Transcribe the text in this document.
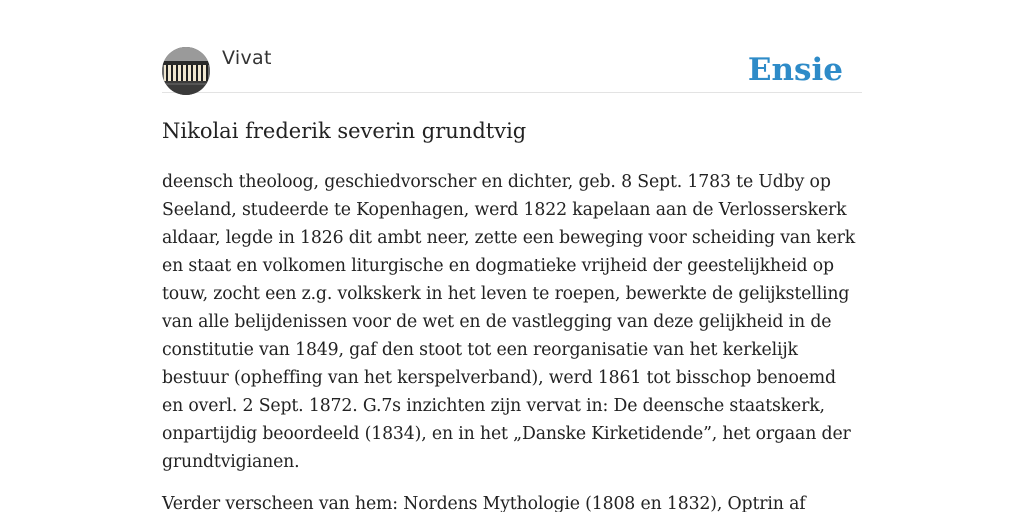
Vivat	Ensie
Nikolai frederik severin grundtvig

deensch theoloog, geschiedvorscher en dichter, geb. 8 Sept. 1783 te Udby op Seeland, studeerde te Kopenhagen, werd 1822 kapelaan aan de Verlosserskerk aldaar, legde in 1826 dit ambt neer, zette een beweging voor scheiding van kerk en staat en volkomen liturgische en dogmatieke vrijheid der geestelijkheid op touw, zocht een z.g. volkskerk in het leven te roepen, bewerkte de gelijkstelling van alle belijdenissen voor de wet en de vastlegging van deze gelijkheid in de constitutie van 1849, gaf den stoot tot een reorganisatie van het kerkelijk bestuur (opheffing van het kerspelverband), werd 1861 tot bisschop benoemd en overl. 2 Sept. 1872. G.7s inzichten zijn vervat in: De deensche staatskerk, onpartijdig beoordeeld (1834), en in het „Danske Kirketidende”, het orgaan der grundtvigianen.

Verder verscheen van hem: Nordens Mythologie (1808 en 1832), Optrin af
